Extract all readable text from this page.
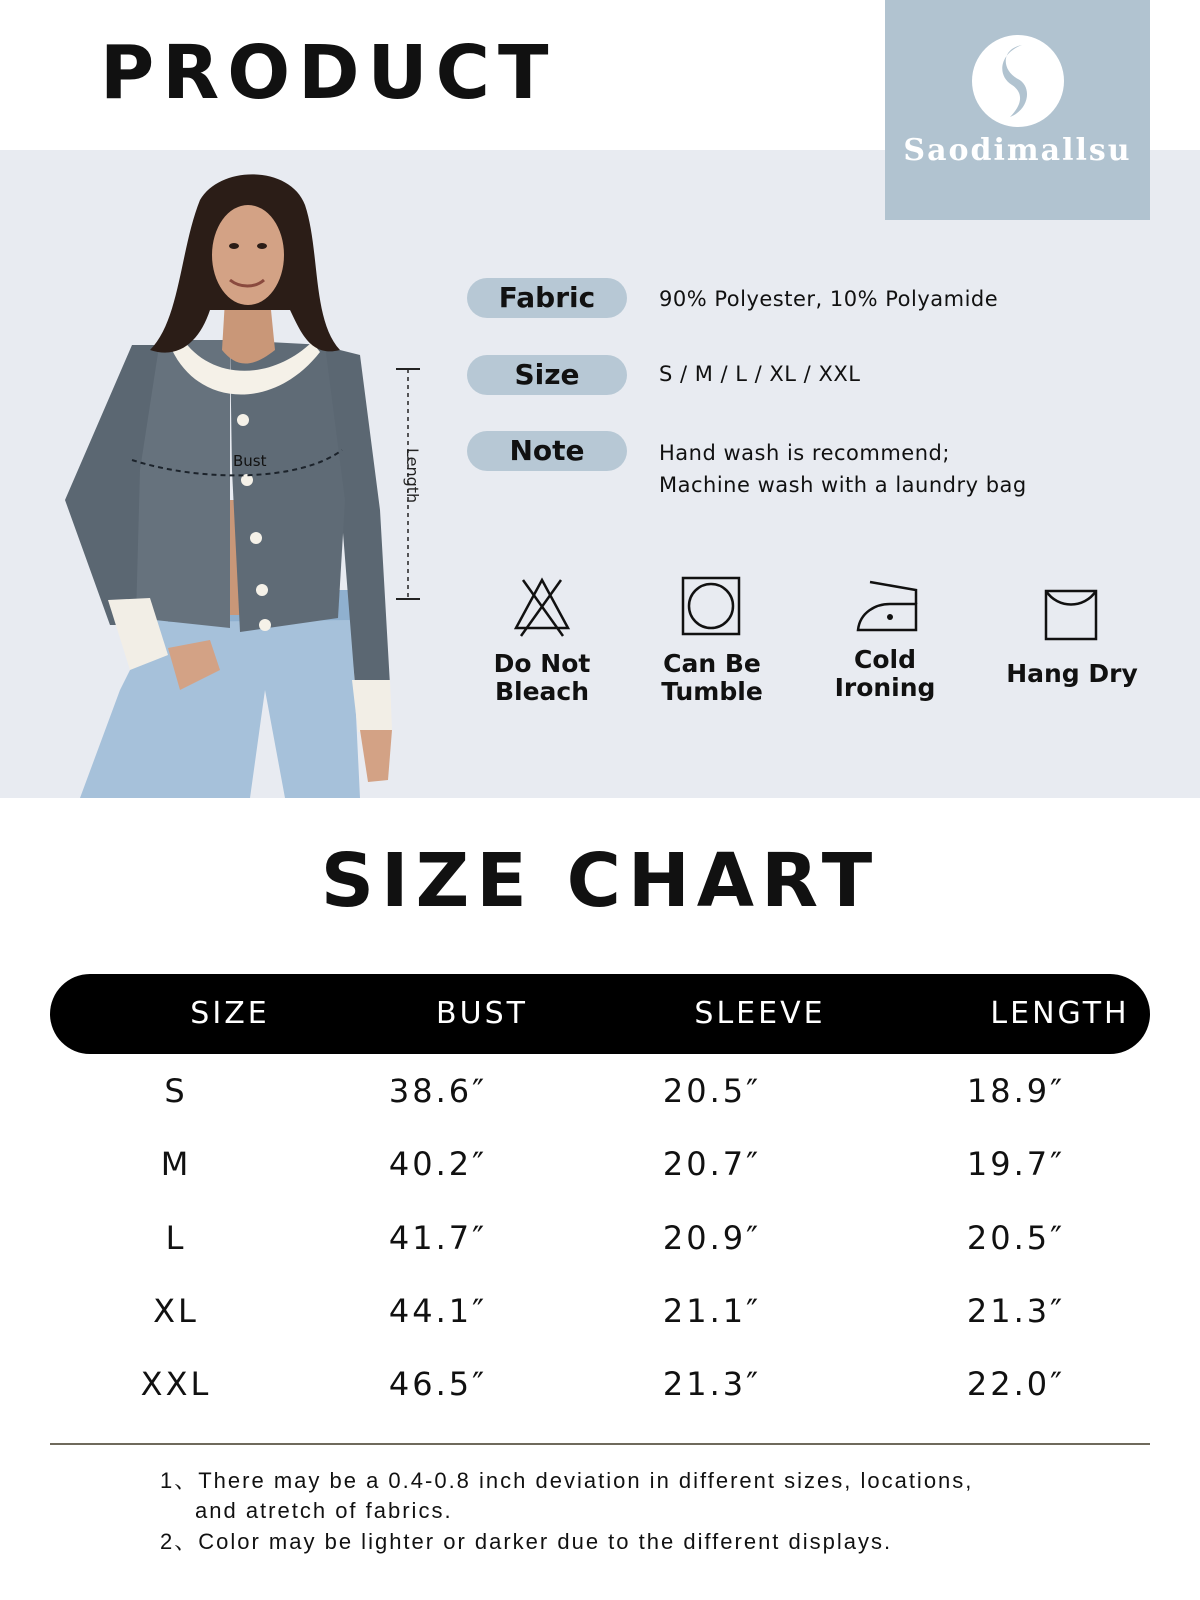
PRODUCT
Saodimallsu
Bust	Length
Fabric	90% Polyester, 10% Polyamide
Size	S / M / L / XL / XXL
Note	Hand wash is recommend;
Machine wash with a laundry bag
Do Not
Bleach
Can Be
Tumble
Cold
Ironing	Hang Dry
SIZE CHART
SIZE	BUST	SLEEVE	LENGTH
S	38.6″	20.5″	18.9″
M	40.2″	20.7″	19.7″
L	41.7″	20.9″	20.5″
XL	44.1″	21.1″	21.3″
XXL	46.5″	21.3″	22.0″
1、There may be a 0.4-0.8 inch deviation in different sizes, locations,
and atretch of fabrics.
2、Color may be lighter or darker due to the different displays.
